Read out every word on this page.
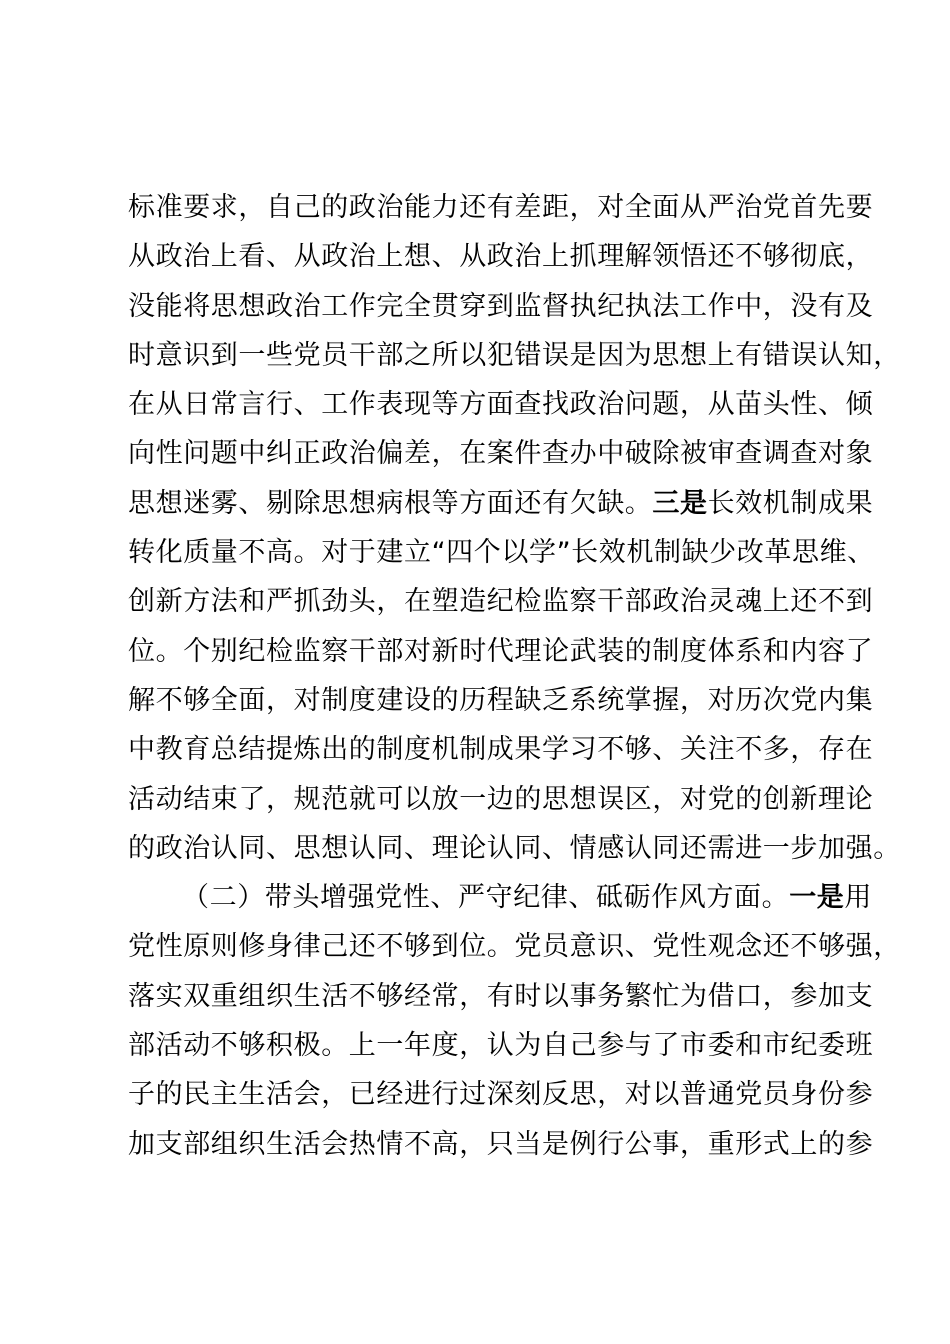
标准要求，自己的政治能力还有差距，对全面从严治党首先要
从政治上看、从政治上想、从政治上抓理解领悟还不够彻底，
没能将思想政治工作完全贯穿到监督执纪执法工作中，没有及
时意识到一些党员干部之所以犯错误是因为思想上有错误认知，
在从日常言行、工作表现等方面查找政治问题，从苗头性、倾
向性问题中纠正政治偏差，在案件查办中破除被审查调查对象
思想迷雾、剔除思想病根等方面还有欠缺。三是长效机制成果
转化质量不高。对于建立“四个以学”长效机制缺少改革思维、
创新方法和严抓劲头，在塑造纪检监察干部政治灵魂上还不到
位。个别纪检监察干部对新时代理论武装的制度体系和内容了
解不够全面，对制度建设的历程缺乏系统掌握，对历次党内集
中教育总结提炼出的制度机制成果学习不够、关注不多，存在
活动结束了，规范就可以放一边的思想误区，对党的创新理论
的政治认同、思想认同、理论认同、情感认同还需进一步加强。
（二）带头增强党性、严守纪律、砥砺作风方面。一是用
党性原则修身律己还不够到位。党员意识、党性观念还不够强，
落实双重组织生活不够经常，有时以事务繁忙为借口，参加支
部活动不够积极。上一年度，认为自己参与了市委和市纪委班
子的民主生活会，已经进行过深刻反思，对以普通党员身份参
加支部组织生活会热情不高，只当是例行公事，重形式上的参
